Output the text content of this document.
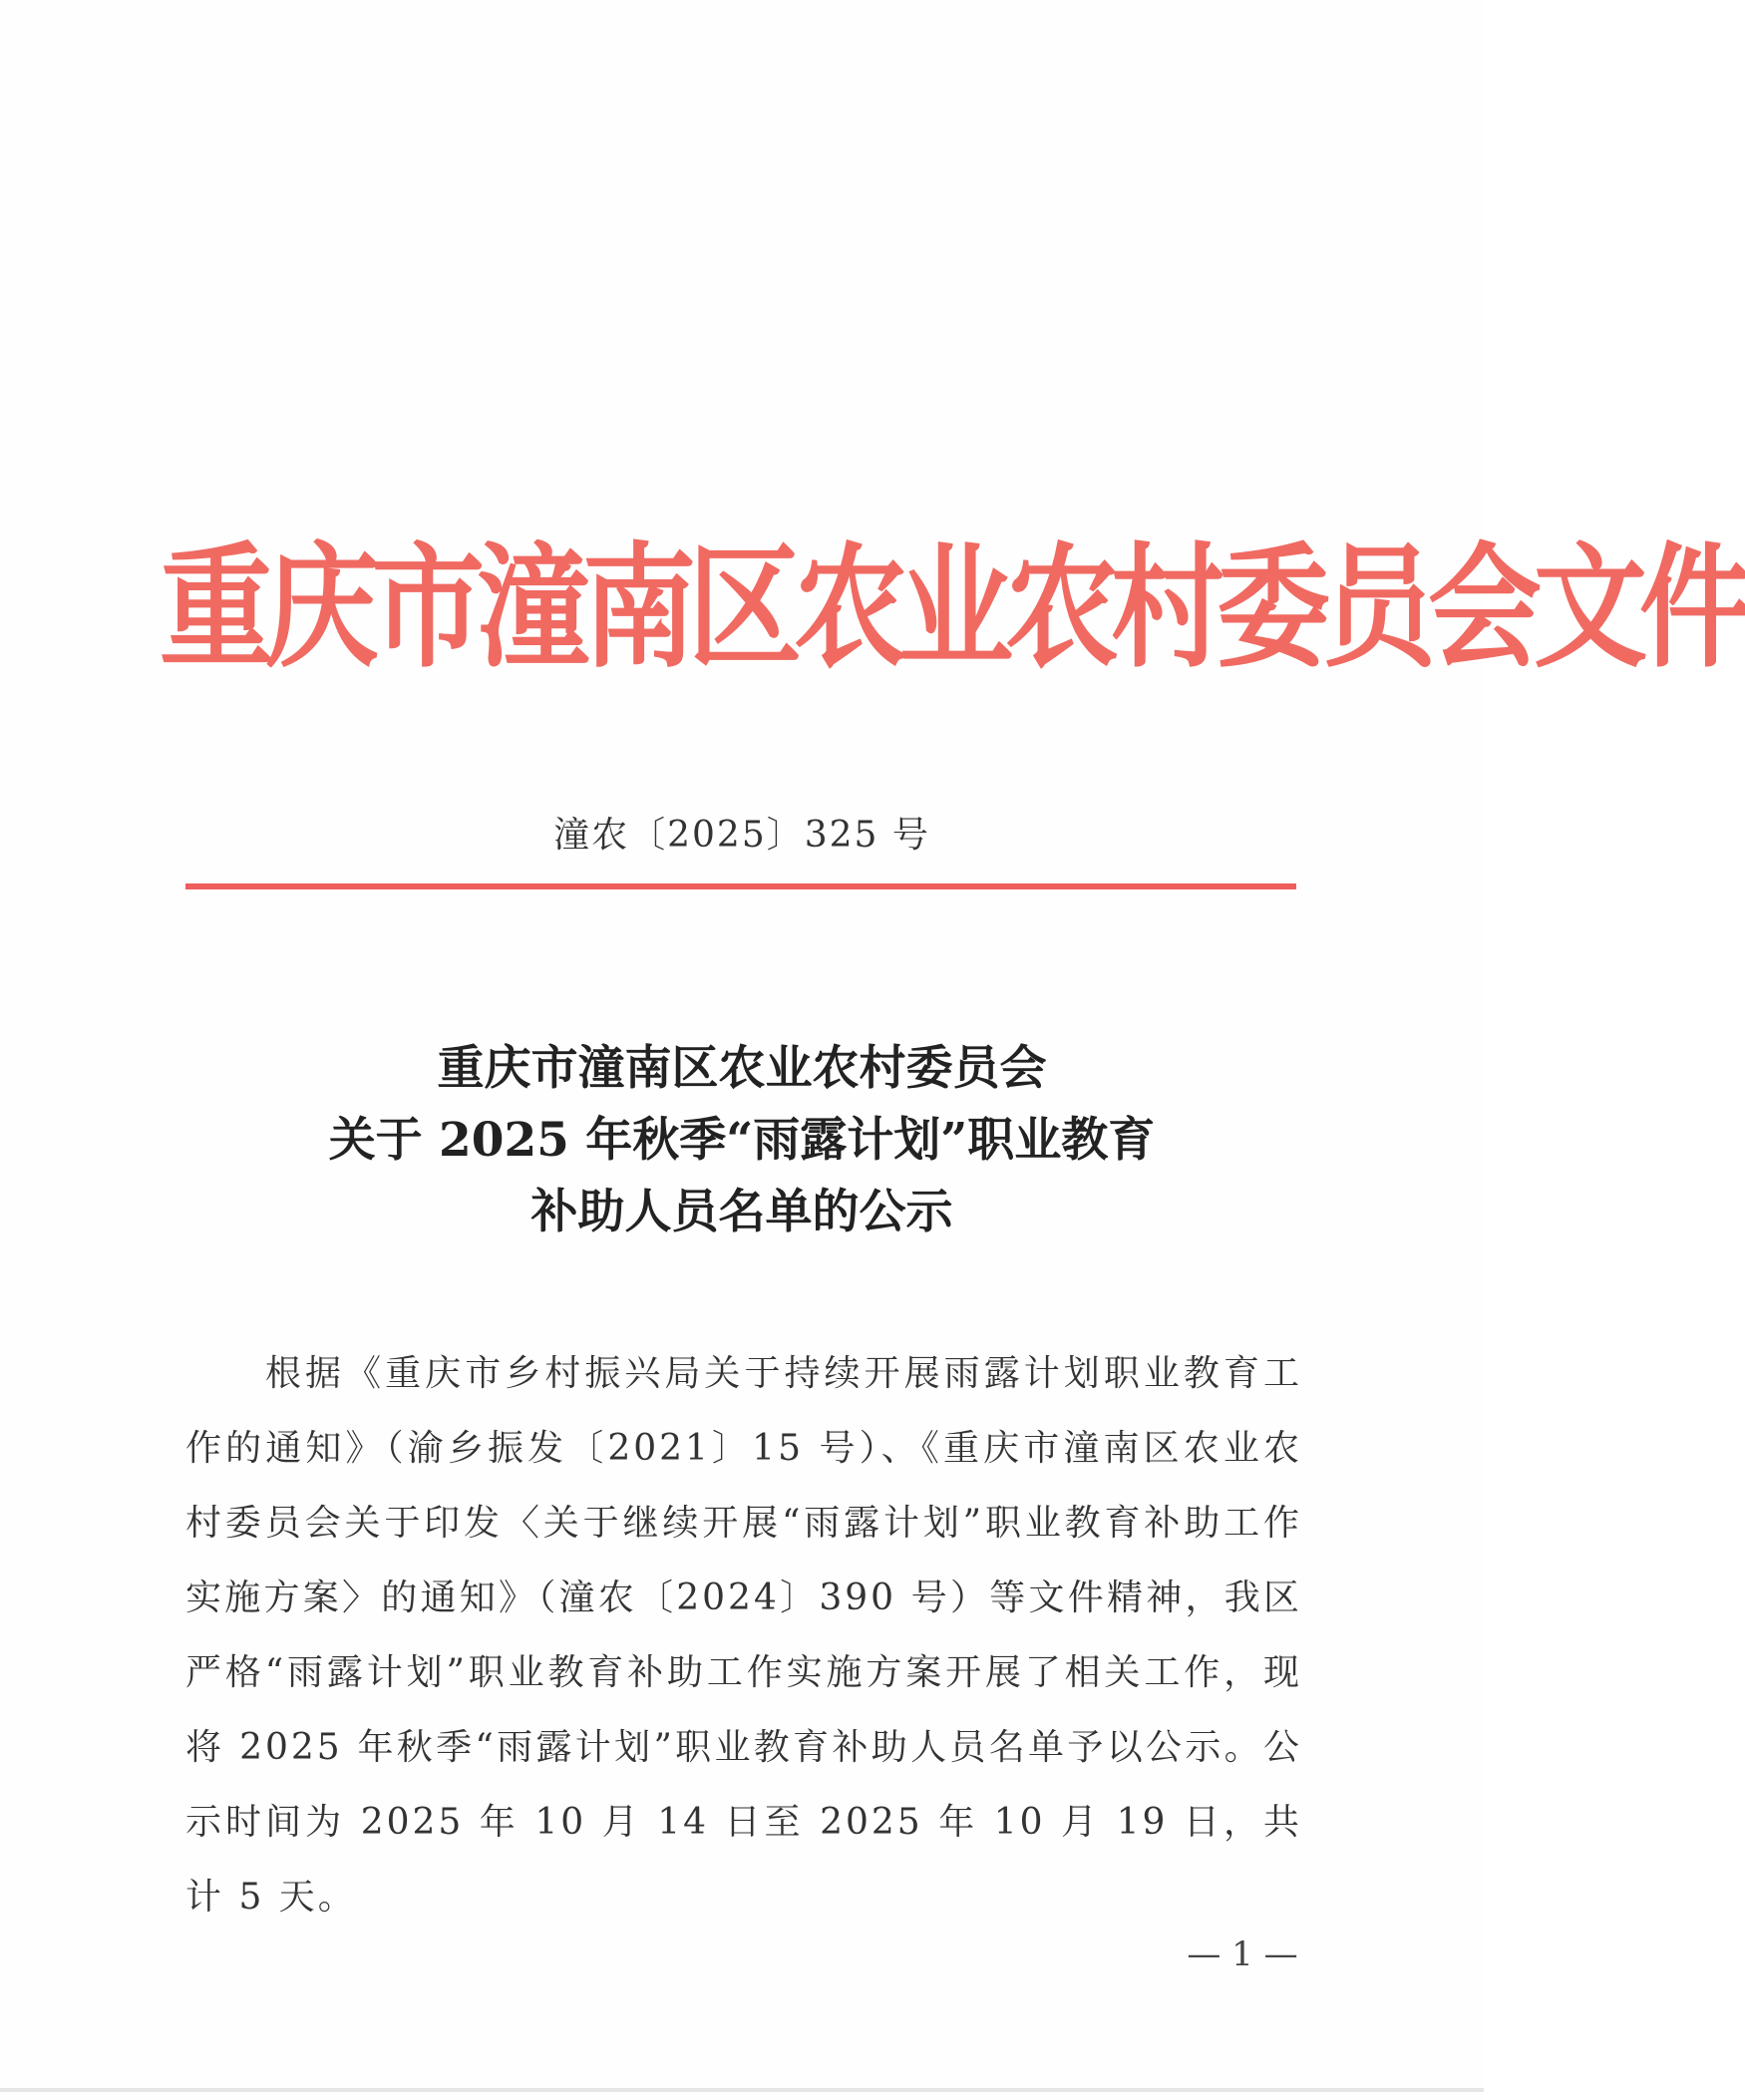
重庆市潼南区农业农村委员会文件
潼农〔2025〕325 号
重庆市潼南区农业农村委员会
关于 2025 年秋季“雨露计划”职业教育
补助人员名单的公示

根据《重庆市乡村振兴局关于持续开展雨露计划职业教育工作的通知》（渝乡振发〔2021〕15 号）、《重庆市潼南区农业农村委员会关于印发〈关于继续开展“雨露计划”职业教育补助工作实施方案〉的通知》（潼农〔2024〕390 号）等文件精神，我区严格“雨露计划”职业教育补助工作实施方案开展了相关工作，现将 2025 年秋季“雨露计划”职业教育补助人员名单予以公示。公示时间为 2025 年 10 月 14 日至 2025 年 10 月 19 日，共计 5 天。

— 1 —
